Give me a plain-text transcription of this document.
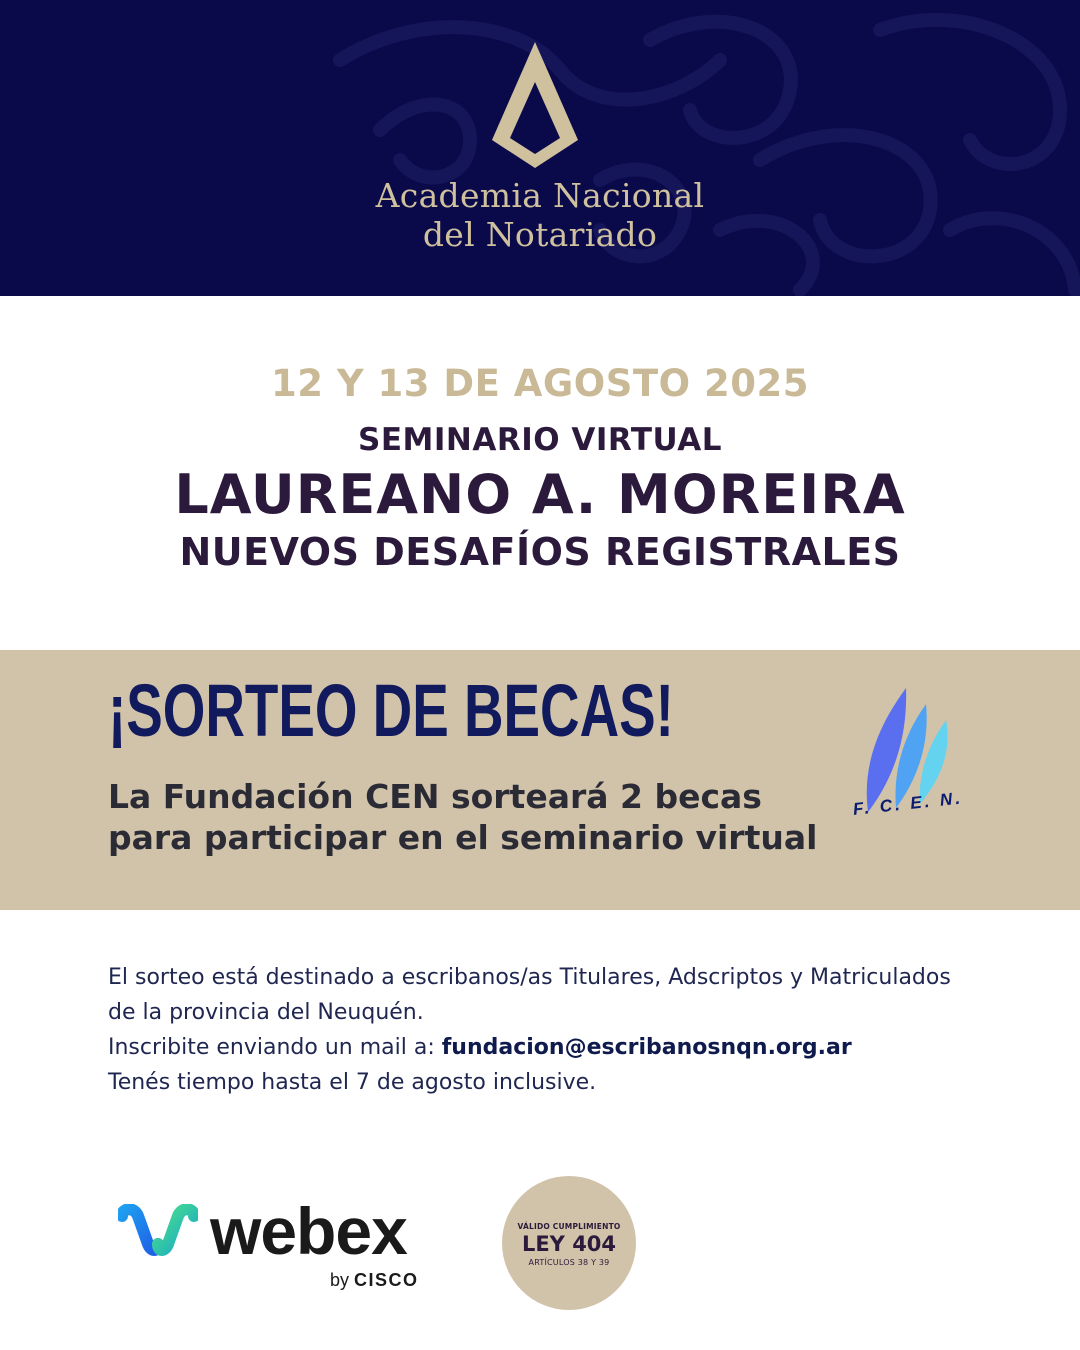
Academia Nacional
del Notariado
12 Y 13 DE AGOSTO 2025
SEMINARIO VIRTUAL
LAUREANO A. MOREIRA
NUEVOS DESAFÍOS REGISTRALES
¡SORTEO DE BECAS!
La Fundación CEN sorteará 2 becas
para participar en el seminario virtual
F. C. E. N.

El sorteo está destinado a escribanos/as Titulares, Adscriptos y Matriculados

de la provincia del Neuquén.

Inscribite enviando un mail a: fundacion@escribanosnqn.org.ar

Tenés tiempo hasta el 7 de agosto inclusive.

webex
by CISCO
VÁLIDO CUMPLIMIENTO
LEY 404
ARTÍCULOS 38 Y 39
